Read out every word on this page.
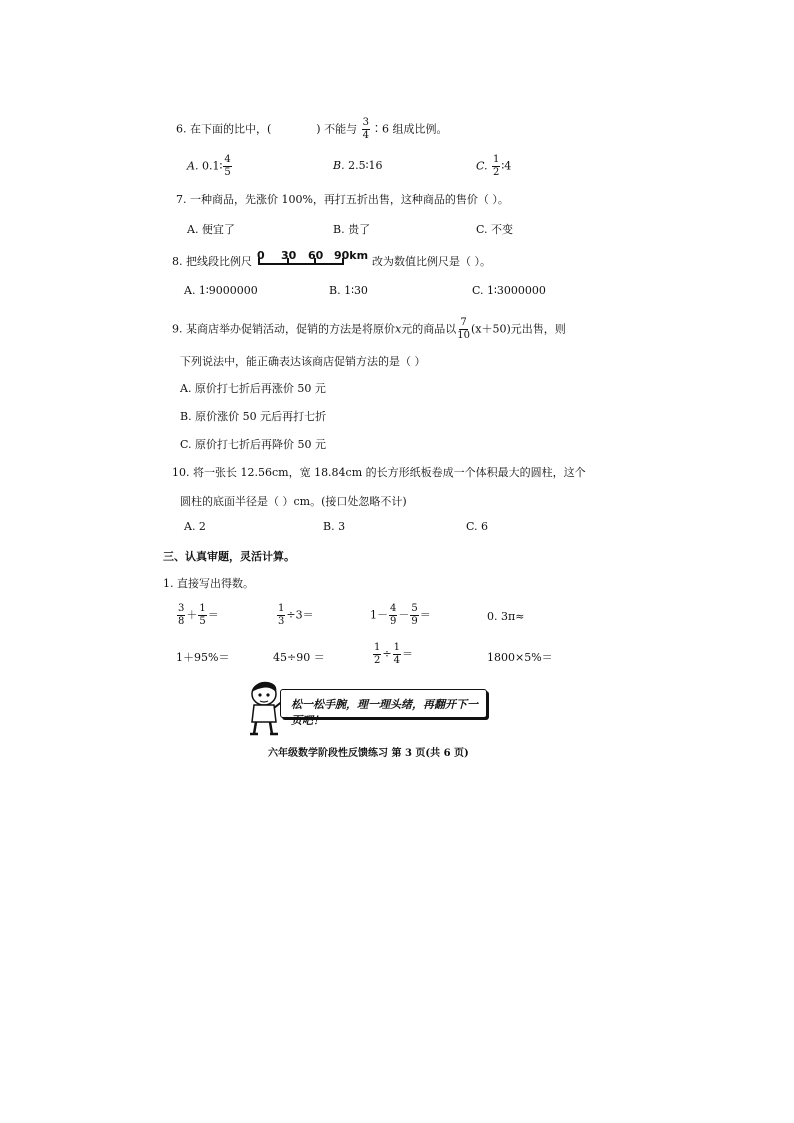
6. 在下面的比中，(	) 不能与 $\frac{3}{4}$ ∶6 组成比例。
A. 0.1∶ $\frac{4}{5}$	B. 2.5∶16	C. $\frac{1}{2}$ ∶4
7. 一种商品，先涨价 100%，再打五折出售，这种商品的售价（ ）。
A. 便宜了	B. 贵了	C. 不变
8. 把线段比例尺 0 30 60 90km 改为数值比例尺是（ ）。
A. 1∶9000000	B. 1∶30	C. 1∶3000000
9. 某商店举办促销活动，促销的方法是将原价x元的商品以 $\frac{7}{10} (x+50)$元出售，则
下列说法中，能正确表达该商店促销方法的是（ ）
A. 原价打七折后再涨价 50 元
B. 原价涨价 50 元后再打七折
C. 原价打七折后再降价 50 元
10. 将一张长 12.56cm，宽 18.84cm 的长方形纸板卷成一个体积最大的圆柱，这个
圆柱的底面半径是（ ）cm。(接口处忽略不计)
A. 2	B. 3	C. 6
三、认真审题，灵活计算。
1. 直接写出得数。
$\frac{3}{8} + \frac{1}{5}$ ＝	$\frac{1}{3} \div 3=$	$1- \frac{4}{9} - \frac{5}{9}$ ＝	0. 3π≈
1＋95%＝	45÷90 ＝	$\frac{1}{2} \div \frac{1}{4}$ ＝	1800×5%＝
松一松手腕，理一理头绪，再翻开下一页吧！
六年级数学阶段性反馈练习 第 3 页(共 6 页)
